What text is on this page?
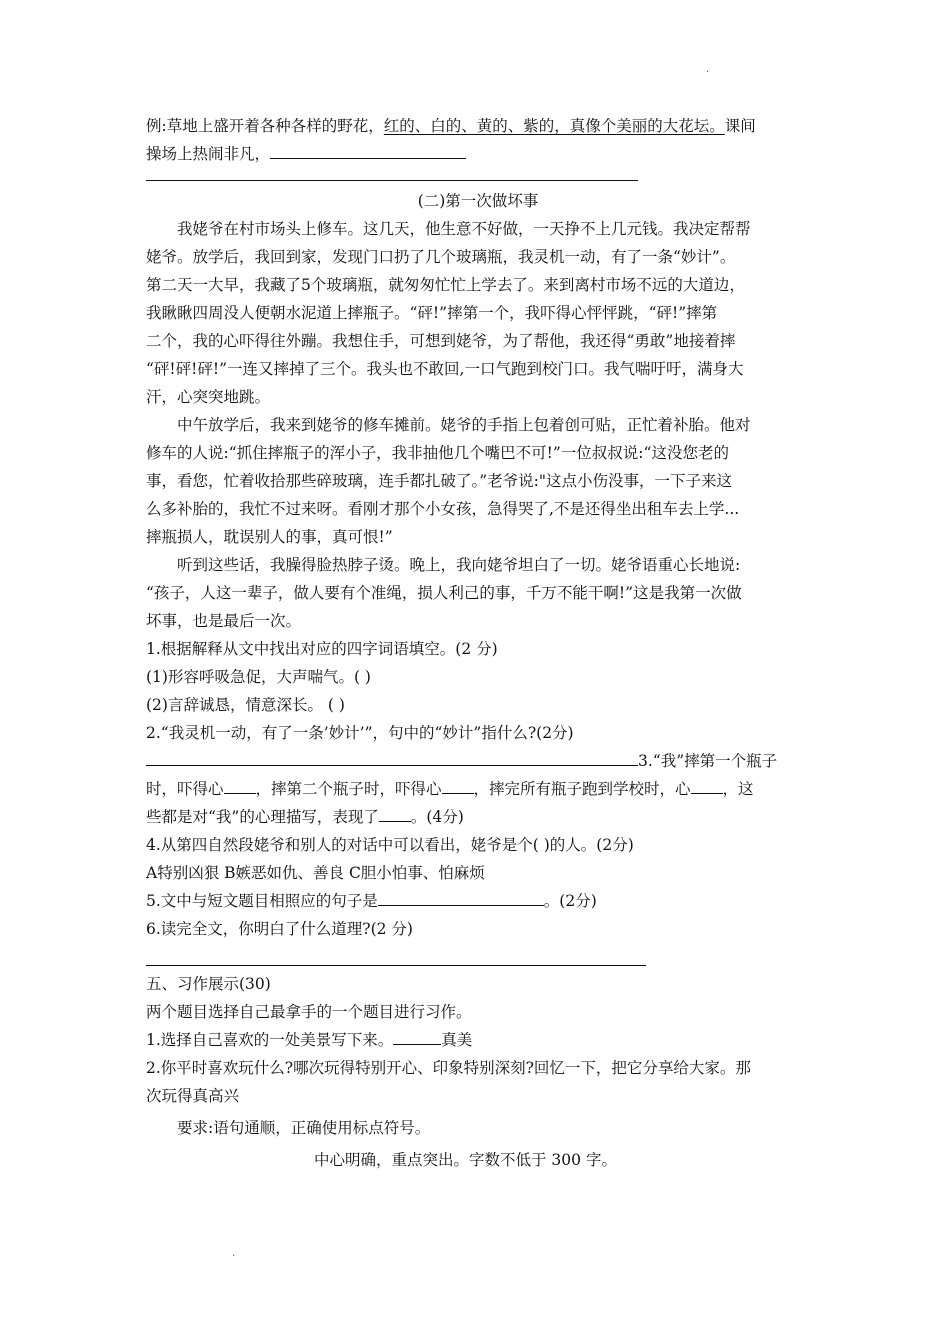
.
.
例:草地上盛开着各种各样的野花，红的、白的、黄的、紫的，真像个美丽的大花坛。课间
操场上热闹非凡，
(二)第一次做坏事
我姥爷在村市场头上修车。这几天，他生意不好做，一天挣不上几元钱。我决定帮帮
姥爷。放学后，我回到家，发现门口扔了几个玻璃瓶，我灵机一动，有了一条“妙计”。
第二天一大早，我藏了5个玻璃瓶，就匆匆忙忙上学去了。来到离村市场不远的大道边，
我瞅瞅四周没人便朝水泥道上摔瓶子。“砰!”摔第一个，我吓得心怦怦跳，“砰!”摔第
二个，我的心吓得往外蹦。我想住手，可想到姥爷，为了帮他，我还得“勇敢”地接着摔
“砰!砰!砰!”一连又摔掉了三个。我头也不敢回,一口气跑到校门口。我气喘吁吁，满身大
汗，心突突地跳。
中午放学后，我来到姥爷的修车摊前。姥爷的手指上包着创可贴，正忙着补胎。他对
修车的人说:“抓住摔瓶子的浑小子，我非抽他几个嘴巴不可!”一位叔叔说:“这没您老的
事，看您，忙着收拾那些碎玻璃，连手都扎破了。”老爷说:"这点小伤没事，一下子来这
么多补胎的，我忙不过来呀。看刚才那个小女孩，急得哭了,不是还得坐出租车去上学...
摔瓶损人，耽误别人的事，真可恨!”
听到这些话，我臊得脸热脖子烫。晚上，我向姥爷坦白了一切。姥爷语重心长地说:
“孩子，人这一辈子，做人要有个准绳，损人利己的事，千万不能干啊!”这是我第一次做
坏事，也是最后一次。
1.根据解释从文中找出对应的四字词语填空。(2 分)
(1)形容呼吸急促，大声喘气。( )
(2)言辞诚恳，情意深长。 ( )
2.“我灵机一动，有了一条’妙计’”，句中的“妙计”指什么?(2分)
3.“我”摔第一个瓶子
时，吓得心 ，摔第二个瓶子时，吓得心 ，摔完所有瓶子跑到学校时，心 ，这
些都是对“我”的心理描写，表现了 。(4分)
4.从第四自然段姥爷和别人的对话中可以看出，姥爷是个( )的人。(2分)
A特别凶狠 B嫉恶如仇、善良 C胆小怕事、怕麻烦
5.文中与短文题目相照应的句子是	。(2分)
6.读完全文，你明白了什么道理?(2 分)
五、习作展示(30)
两个题目选择自己最拿手的一个题目进行习作。
1.选择自己喜欢的一处美景写下来。	真美
2.你平时喜欢玩什么?哪次玩得特别开心、印象特别深刻?回忆一下，把它分享给大家。那
次玩得真高兴
要求:语句通顺，正确使用标点符号。
中心明确，重点突出。字数不低于 300 字。
